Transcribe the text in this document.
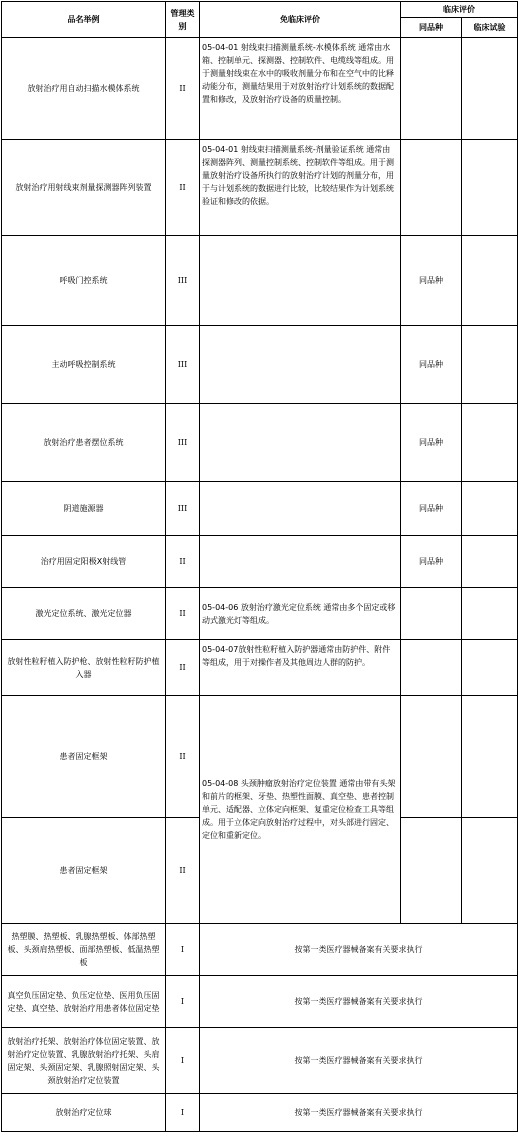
品名举例	管理类别	免临床评价	临床评价	
			同品种	临床试验
放射治疗用自动扫描水模体系统	II	05-04-01 射线束扫描测量系统-水模体系统 通常由水箱、控制单元、探测器、控制软件、电缆线等组成。用于测量射线束在水中的吸收剂量分布和在空气中的比释动能分布，测量结果用于对放射治疗计划系统的数据配置和修改，及放射治疗设备的质量控制。		
放射治疗用射线束剂量探测器阵列装置	II	05-04-01 射线束扫描测量系统-剂量验证系统 通常由探测器阵列、测量控制系统、控制软件等组成。用于测量放射治疗设备所执行的放射治疗计划的剂量分布，用于与计划系统的数据进行比较，比较结果作为计划系统验证和修改的依据。		
呼吸门控系统	III		同品种	
主动呼吸控制系统	III		同品种	
放射治疗患者摆位系统	III		同品种	
阴道施源器	III		同品种	
治疗用固定阳极X射线管	II		同品种	
激光定位系统、激光定位器	II	05-04-06 放射治疗激光定位系统 通常由多个固定或移动式激光灯等组成。		
放射性粒籽植入防护枪、放射性粒籽防护植入器	II	05-04-07放射性粒籽植入防护器通常由防护件、附件等组成，用于对操作者及其他周边人群的防护。		
患者固定框架	II	05-04-08 头颈肿瘤放射治疗定位装置 通常由带有头架和前片的框架、牙垫、热塑性面膜、真空垫、患者控制单元、适配器、立体定向框架、复重定位检查工具等组成。用于立体定向放射治疗过程中，对头部进行固定、定位和重新定位。		
患者固定框架	II			
热塑膜、热塑板、乳腺热塑板、体部热塑板、头颈肩热塑板、面部热塑板、低温热塑板	I	按第一类医疗器械备案有关要求执行		
真空负压固定垫、负压定位垫、医用负压固定垫、真空垫、放射治疗用患者体位固定垫	I	按第一类医疗器械备案有关要求执行		
放射治疗托架、放射治疗体位固定装置、放射治疗定位装置、乳腺放射治疗托架、头肩固定架、头颈固定架、乳腺照射固定架、头颈放射治疗定位装置	I	按第一类医疗器械备案有关要求执行		
放射治疗定位球	I	按第一类医疗器械备案有关要求执行		
